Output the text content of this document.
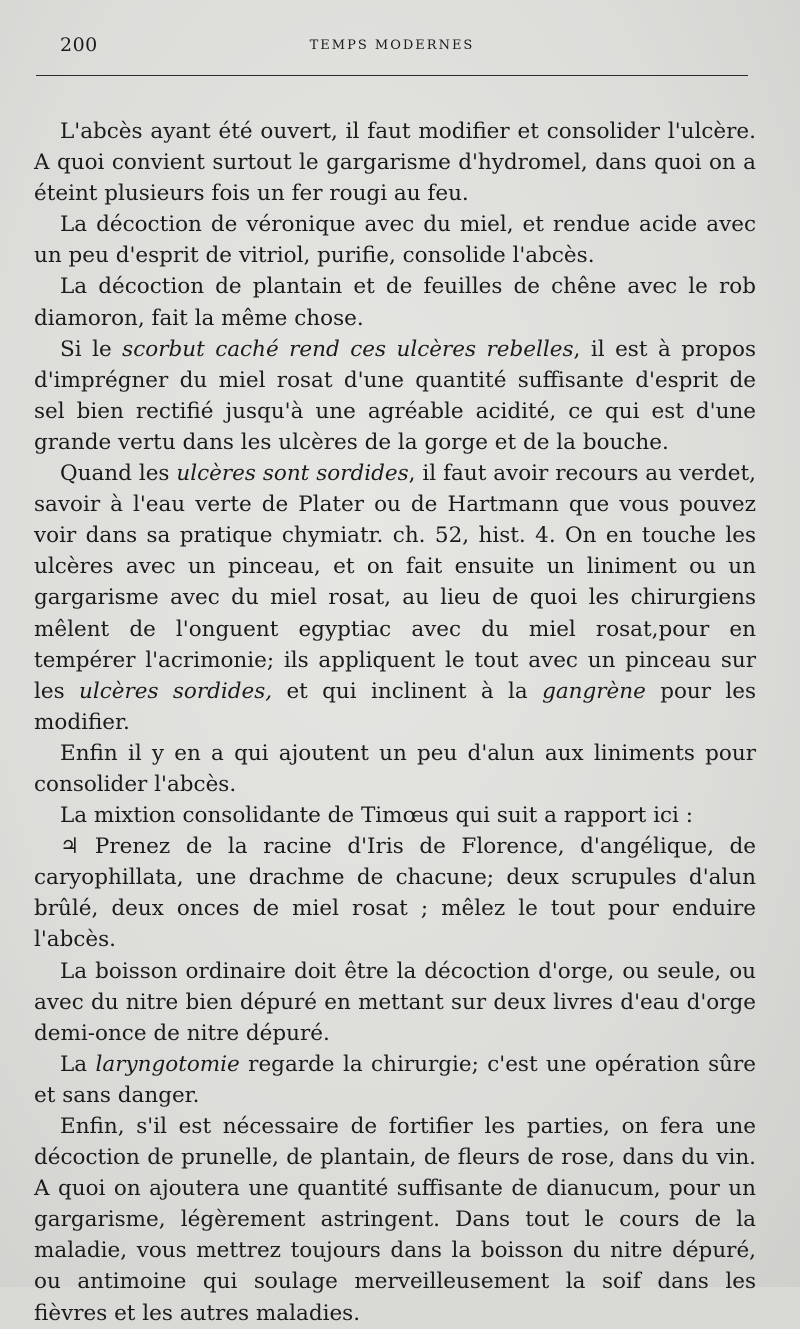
200	TEMPS MODERNES

L'abcès ayant été ouvert, il faut modifier et consolider l'ulcère. A quoi convient surtout le gargarisme d'hydromel, dans quoi on a éteint plusieurs fois un fer rougi au feu.

La décoction de véronique avec du miel, et rendue acide avec un peu d'esprit de vitriol, purifie, consolide l'abcès.

La décoction de plantain et de feuilles de chêne avec le rob diamoron, fait la même chose.

Si le scorbut caché rend ces ulcères rebelles, il est à propos d'imprégner du miel rosat d'une quantité suffisante d'esprit de sel bien rectifié jusqu'à une agréable acidité, ce qui est d'une grande vertu dans les ulcères de la gorge et de la bouche.

Quand les ulcères sont sordides, il faut avoir recours au verdet, savoir à l'eau verte de Plater ou de Hartmann que vous pouvez voir dans sa pratique chymiatr. ch. 52, hist. 4. On en touche les ulcères avec un pinceau, et on fait ensuite un liniment ou un gargarisme avec du miel rosat, au lieu de quoi les chirurgiens mêlent de l'onguent egyptiac avec du miel rosat,pour en tempérer l'acrimonie; ils appliquent le tout avec un pinceau sur les ulcères sordides, et qui inclinent à la gangrène pour les modifier.

Enfin il y en a qui ajoutent un peu d'alun aux liniments pour consolider l'abcès.

La mixtion consolidante de Timœus qui suit a rapport ici :

♃ Prenez de la racine d'Iris de Florence, d'angélique, de caryophillata, une drachme de chacune; deux scrupules d'alun brûlé, deux onces de miel rosat ; mêlez le tout pour enduire l'abcès.

La boisson ordinaire doit être la décoction d'orge, ou seule, ou avec du nitre bien dépuré en mettant sur deux livres d'eau d'orge demi-once de nitre dépuré.

La laryngotomie regarde la chirurgie; c'est une opération sûre et sans danger.

Enfin, s'il est nécessaire de fortifier les parties, on fera une décoction de prunelle, de plantain, de fleurs de rose, dans du vin. A quoi on ajoutera une quantité suffisante de dianucum, pour un gargarisme, légèrement astringent. Dans tout le cours de la maladie, vous mettrez toujours dans la boisson du nitre dépuré, ou antimoine qui soulage merveilleusement la soif dans les fièvres et les autres maladies.
